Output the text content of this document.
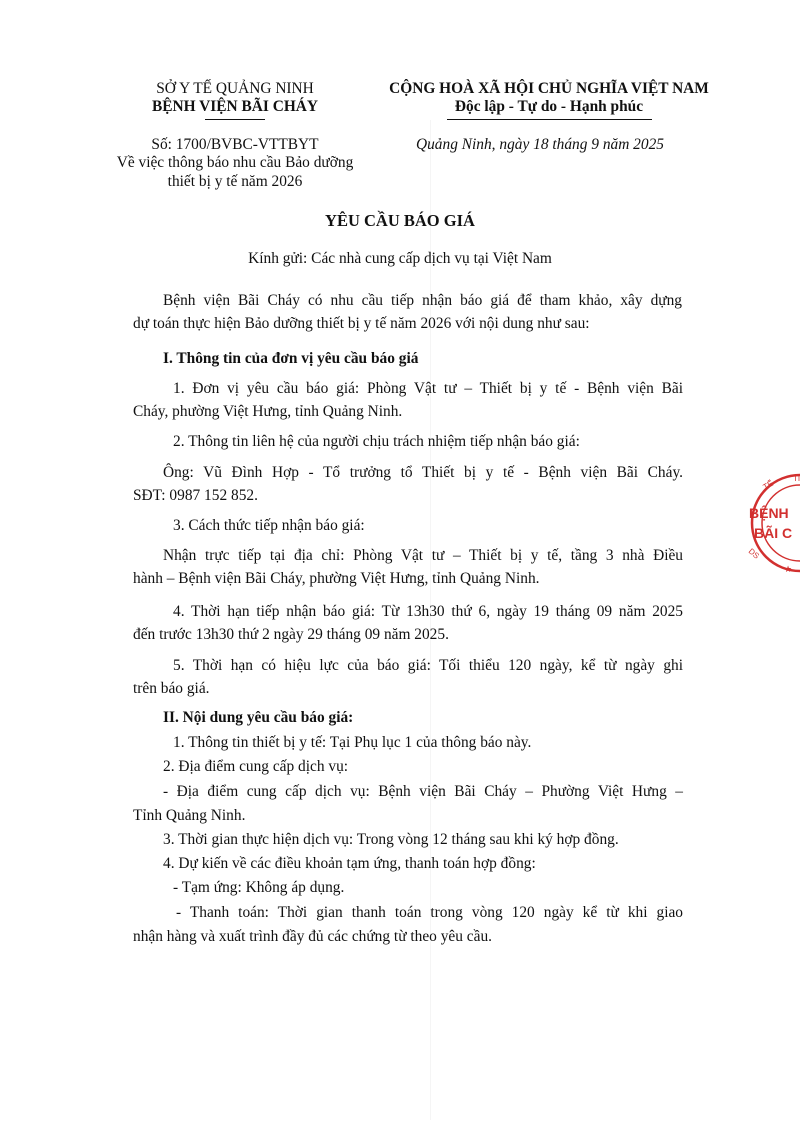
SỞ Y TẾ QUẢNG NINH
BỆNH VIỆN BÃI CHÁY
Số: 1700/BVBC-VTTBYT
Về việc thông báo nhu cầu Bảo dưỡng
thiết bị y tế năm 2026
CỘNG HOÀ XÃ HỘI CHỦ NGHĨA VIỆT NAM
Độc lập - Tự do - Hạnh phúc
Quảng Ninh, ngày 18 tháng 9 năm 2025
YÊU CẦU BÁO GIÁ
Kính gửi: Các nhà cung cấp dịch vụ tại Việt Nam
Bệnh viện Bãi Cháy có nhu cầu tiếp nhận báo giá để tham khảo, xây dựng
dự toán thực hiện Bảo dưỡng thiết bị y tế năm 2026 với nội dung như sau:
I. Thông tin của đơn vị yêu cầu báo giá
1. Đơn vị yêu cầu báo giá: Phòng Vật tư – Thiết bị y tế - Bệnh viện Bãi
Cháy, phường Việt Hưng, tỉnh Quảng Ninh.
2. Thông tin liên hệ của người chịu trách nhiệm tiếp nhận báo giá:
Ông: Vũ Đình Hợp - Tổ trưởng tổ Thiết bị y tế - Bệnh viện Bãi Cháy.
SĐT: 0987 152 852.
3. Cách thức tiếp nhận báo giá:
Nhận trực tiếp tại địa chỉ: Phòng Vật tư – Thiết bị y tế, tầng 3 nhà Điều
hành – Bệnh viện Bãi Cháy, phường Việt Hưng, tỉnh Quảng Ninh.
4. Thời hạn tiếp nhận báo giá: Từ 13h30 thứ 6, ngày 19 tháng 09 năm 2025
đến trước 13h30 thứ 2 ngày 29 tháng 09 năm 2025.
5. Thời hạn có hiệu lực của báo giá: Tối thiểu 120 ngày, kể từ ngày ghi
trên báo giá.
II. Nội dung yêu cầu báo giá:
1. Thông tin thiết bị y tế: Tại Phụ lục 1 của thông báo này.
2. Địa điểm cung cấp dịch vụ:
- Địa điểm cung cấp dịch vụ: Bệnh viện Bãi Cháy – Phường Việt Hưng –
Tỉnh Quảng Ninh.
3. Thời gian thực hiện dịch vụ: Trong vòng 12 tháng sau khi ký hợp đồng.
4. Dự kiến về các điều khoản tạm ứng, thanh toán hợp đồng:
- Tạm ứng: Không áp dụng.
- Thanh toán: Thời gian thanh toán trong vòng 120 ngày kể từ khi giao
nhận hàng và xuất trình đầy đủ các chứng từ theo yêu cầu.
BỆNH
BÃI C
TẾ
TI
DS
★
